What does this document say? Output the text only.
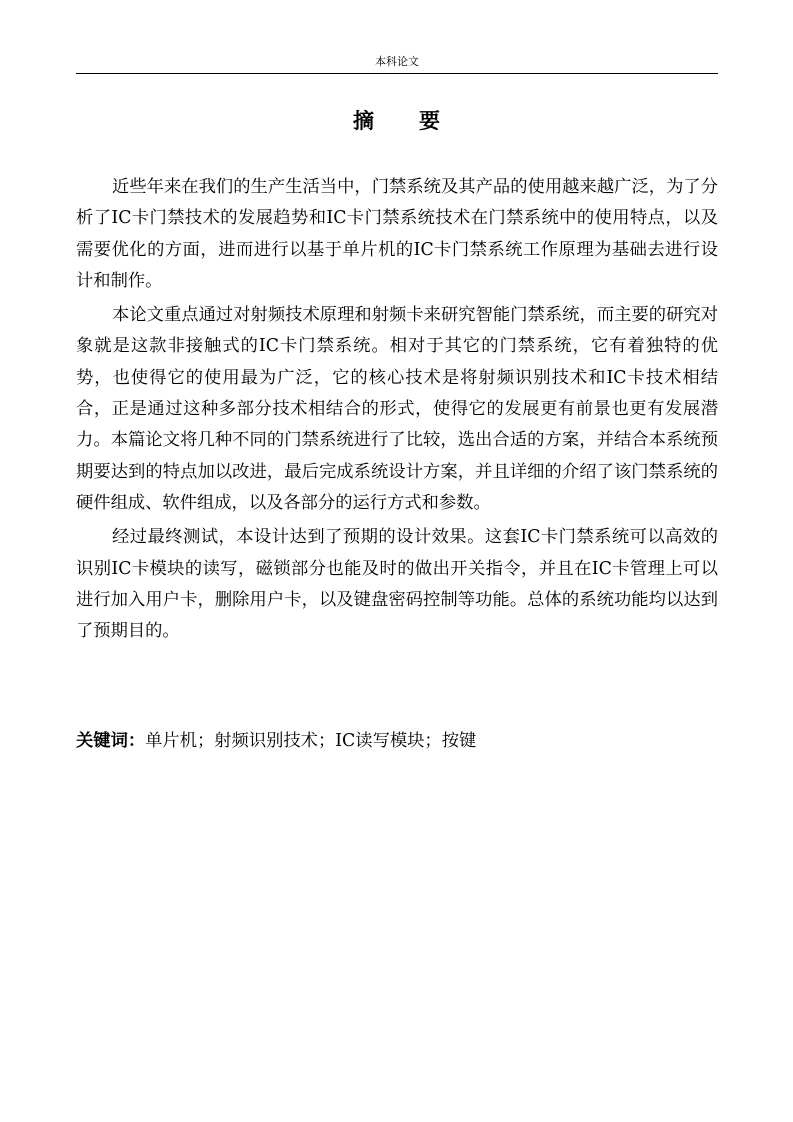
本科论文
摘　　要

近些年来在我们的生产生活当中，门禁系统及其产品的使用越来越广泛，为了分析了IC卡门禁技术的发展趋势和IC卡门禁系统技术在门禁系统中的使用特点，以及需要优化的方面，进而进行以基于单片机的IC卡门禁系统工作原理为基础去进行设计和制作。

本论文重点通过对射频技术原理和射频卡来研究智能门禁系统，而主要的研究对象就是这款非接触式的IC卡门禁系统。相对于其它的门禁系统，它有着独特的优势，也使得它的使用最为广泛，它的核心技术是将射频识别技术和IC卡技术相结合，正是通过这种多部分技术相结合的形式，使得它的发展更有前景也更有发展潜力。本篇论文将几种不同的门禁系统进行了比较，选出合适的方案，并结合本系统预期要达到的特点加以改进，最后完成系统设计方案，并且详细的介绍了该门禁系统的硬件组成、软件组成，以及各部分的运行方式和参数。

经过最终测试，本设计达到了预期的设计效果。这套IC卡门禁系统可以高效的识别IC卡模块的读写，磁锁部分也能及时的做出开关指令，并且在IC卡管理上可以进行加入用户卡，删除用户卡，以及键盘密码控制等功能。总体的系统功能均以达到了预期目的。

关键词：单片机；射频识别技术；IC读写模块；按键
